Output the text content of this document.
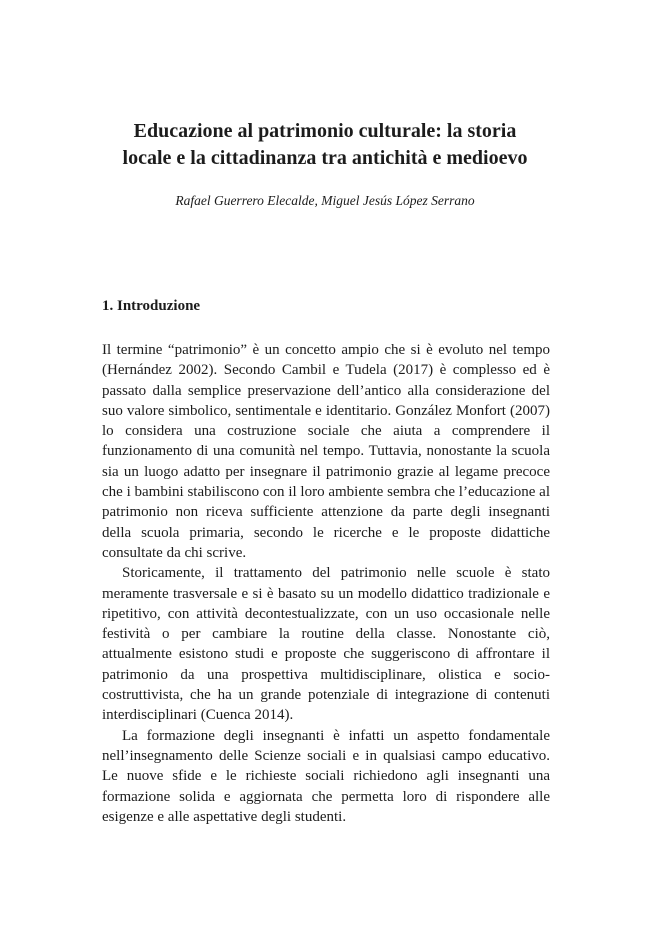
Educazione al patrimonio culturale: la storia
locale e la cittadinanza tra antichità e medioevo

Rafael Guerrero Elecalde, Miguel Jesús López Serrano

1. Introduzione

Il termine “patrimonio” è un concetto ampio che si è evoluto nel tempo (Hernández 2002). Secondo Cambil e Tudela (2017) è complesso ed è passato dalla semplice preservazione dell’antico alla considerazione del suo valore simbolico, sentimentale e identitario. González Monfort (2007) lo considera una costruzione sociale che aiuta a comprendere il funzionamento di una comunità nel tempo. Tuttavia, nonostante la scuola sia un luogo adatto per insegnare il patrimonio grazie al legame precoce che i bambini stabiliscono con il loro ambiente sembra che l’educazione al patrimonio non riceva sufficiente attenzione da parte degli insegnanti della scuola primaria, secondo le ricerche e le proposte didattiche consultate da chi scrive.

Storicamente, il trattamento del patrimonio nelle scuole è stato meramente trasversale e si è basato su un modello didattico tradizionale e ripetitivo, con attività decontestualizzate, con un uso occasionale nelle festività o per cambiare la routine della classe. Nonostante ciò, attualmente esistono studi e proposte che suggeriscono di affrontare il patrimonio da una prospettiva multidisciplinare, olistica e socio-costruttivista, che ha un grande potenziale di integrazione di contenuti interdisciplinari (Cuenca 2014).

La formazione degli insegnanti è infatti un aspetto fondamentale nell’insegnamento delle Scienze sociali e in qualsiasi campo educativo. Le nuove sfide e le richieste sociali richiedono agli insegnanti una formazione solida e aggiornata che permetta loro di rispondere alle esigenze e alle aspettative degli studenti.
